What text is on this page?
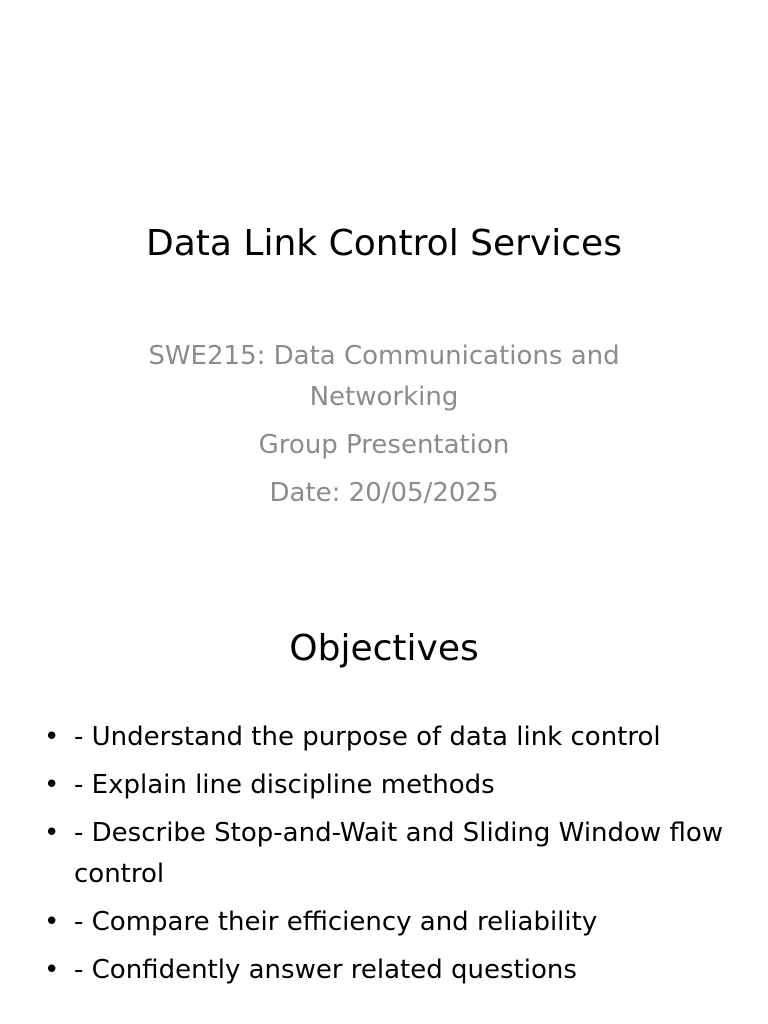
Data Link Control Services
SWE215: Data Communications and Networking
Group Presentation
Date: 20/05/2025
Objectives
• - Understand the purpose of data link control
• - Explain line discipline methods
• - Describe Stop-and-Wait and Sliding Window flow control
• - Compare their efficiency and reliability
• - Confidently answer related questions
